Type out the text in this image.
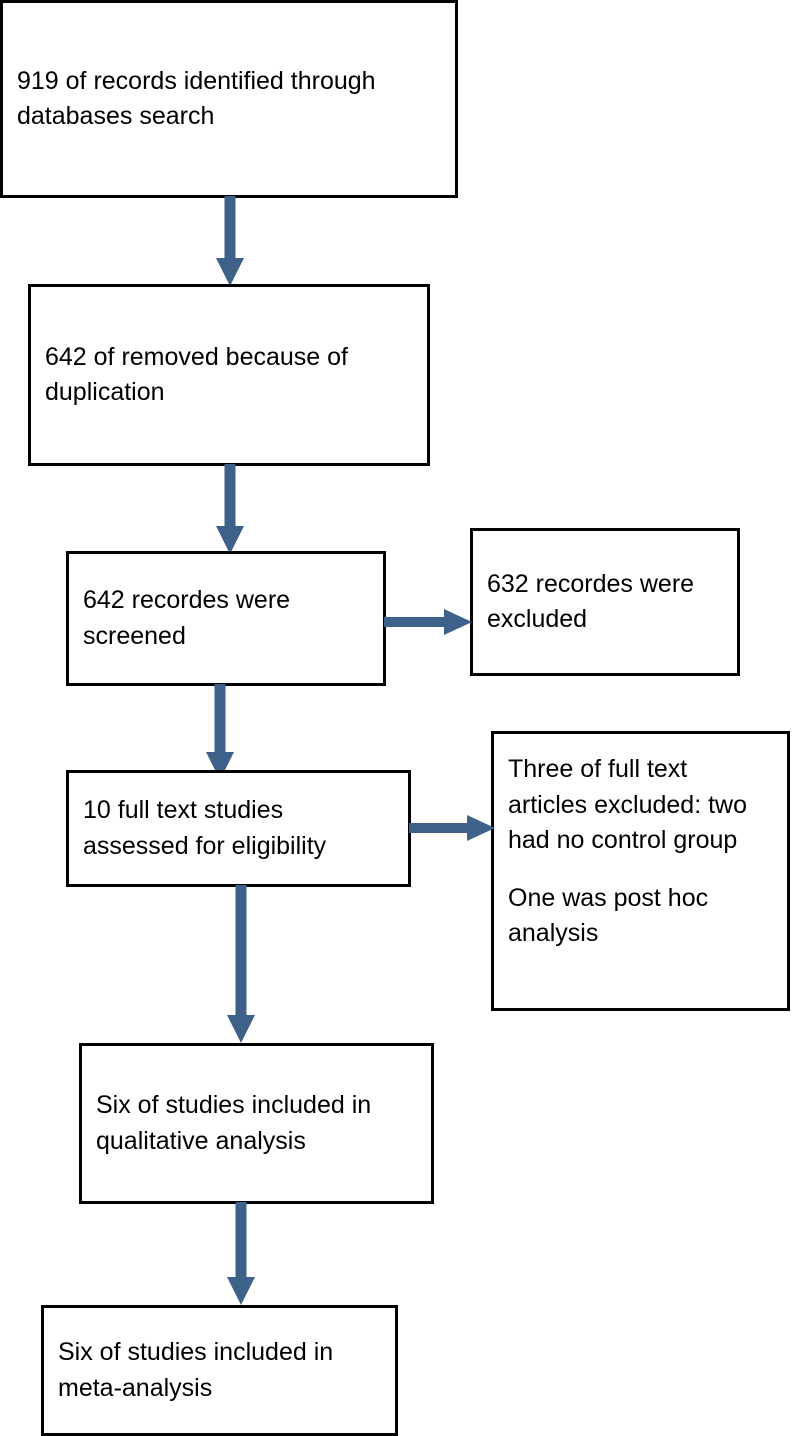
919 of records identified through databases search
642 of removed because of duplication
642 recordes were screened
632 recordes were excluded
10 full text studies assessed for eligibility
Three of full text articles excluded: two had no control group
One was post hoc analysis
Six of studies included in qualitative analysis
Six of studies included in meta-analysis
